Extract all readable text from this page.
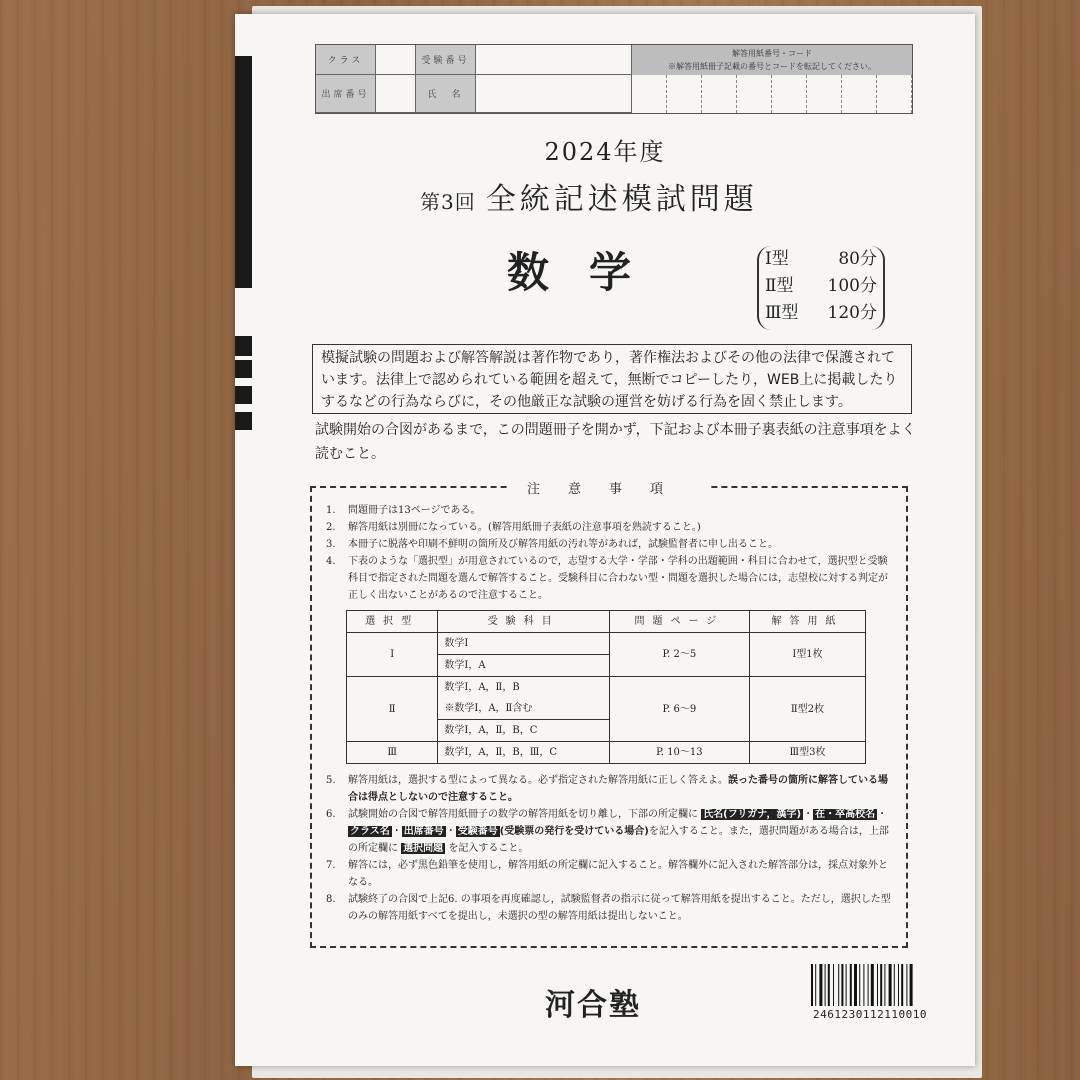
クラス	受験番号
出席番号	氏　名
解答用紙番号・コード
※解答用紙冊子記載の番号とコードを転記してください。
2024年度
第3回 全統記述模試問題
数学	Ⅰ型	80分
Ⅱ型 100分
Ⅲ型 120分
模擬試験の問題および解答解説は著作物であり，著作権法およびその他の法律で保護されています。法律上で認められている範囲を超えて，無断でコピーしたり，WEB上に掲載したりするなどの行為ならびに，その他厳正な試験の運営を妨げる行為を固く禁止します。
試験開始の合図があるまで，この問題冊子を開かず，下記および本冊子裏表紙の注意事項をよく読むこと。
注意事項
1.	問題冊子は13ページである。
2.	解答用紙は別冊になっている。(解答用紙冊子表紙の注意事項を熟読すること。)
3.	本冊子に脱落や印刷不鮮明の箇所及び解答用紙の汚れ等があれば，試験監督者に申し出ること。
4.	下表のような「選択型」が用意されているので，志望する大学・学部・学科の出題範囲・科目に合わせて，選択型と受験科目で指定された問題を選んで解答すること。受験科目に合わない型・問題を選択した場合には，志望校に対する判定が正しく出ないことがあるので注意すること。
選択型	受験科目	問題ページ	解答用紙
Ⅰ	数学Ⅰ	P. 2～5	Ⅰ型1枚
	数学Ⅰ，A		
Ⅱ	数学Ⅰ，A，Ⅱ，B	P. 6～9	Ⅱ型2枚
	※数学Ⅰ，A，Ⅱ含む		
	数学Ⅰ，A，Ⅱ，B，C		
Ⅲ	数学Ⅰ，A，Ⅱ，B，Ⅲ，C	P. 10～13	Ⅲ型3枚
5.	解答用紙は，選択する型によって異なる。必ず指定された解答用紙に正しく答えよ。誤った番号の箇所に解答している場合は得点としないので注意すること。
6.	試験開始の合図で解答用紙冊子の数学の解答用紙を切り離し，下部の所定欄に 氏名(フリガナ，漢字) ・ 在・卒高校名 ・クラス名 ・ 出席番号 ・ 受験番号 (受験票の発行を受けている場合)を記入すること。また，選択問題がある場合は，上部の所定欄に 選択問題 を記入すること。
7.	解答には，必ず黒色鉛筆を使用し，解答用紙の所定欄に記入すること。解答欄外に記入された解答部分は，採点対象外となる。
8.	試験終了の合図で上記6. の事項を再度確認し，試験監督者の指示に従って解答用紙を提出すること。ただし，選択した型のみの解答用紙すべてを提出し，未選択の型の解答用紙は提出しないこと。
河合塾	2461230112110010
